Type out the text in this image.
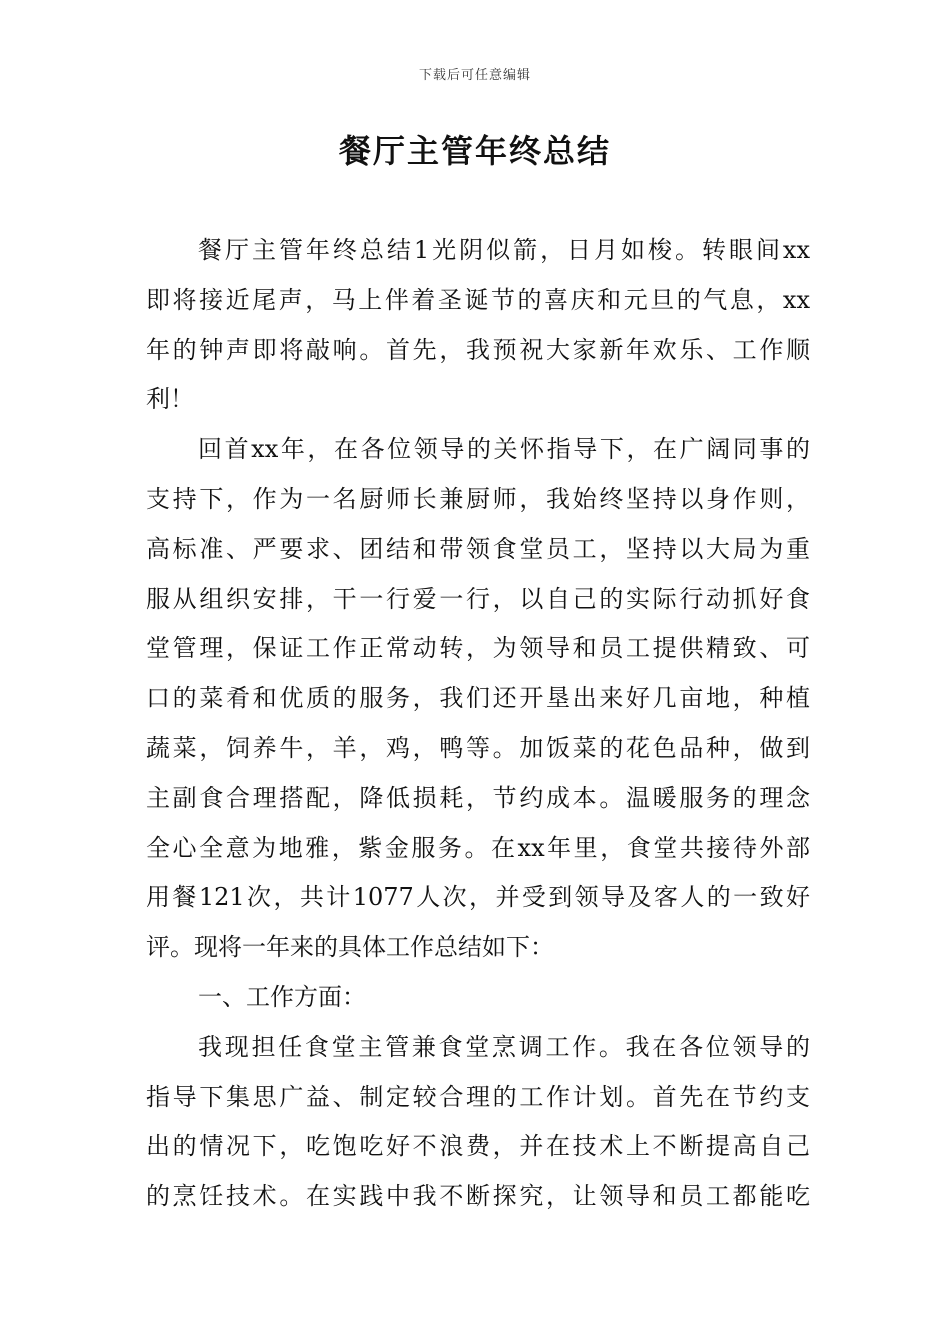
下载后可任意编辑
餐厅主管年终总结
餐厅主管年终总结1光阴似箭，日月如梭。转眼间xx
即将接近尾声，马上伴着圣诞节的喜庆和元旦的气息，xx
年的钟声即将敲响。首先，我预祝大家新年欢乐、工作顺
利！
回首xx年，在各位领导的关怀指导下，在广阔同事的
支持下，作为一名厨师长兼厨师，我始终坚持以身作则，
高标准、严要求、团结和带领食堂员工，坚持以大局为重
服从组织安排，干一行爱一行，以自己的实际行动抓好食
堂管理，保证工作正常动转，为领导和员工提供精致、可
口的菜肴和优质的服务，我们还开垦出来好几亩地，种植
蔬菜，饲养牛，羊，鸡，鸭等。加饭菜的花色品种，做到
主副食合理搭配，降低损耗，节约成本。温暖服务的理念
全心全意为地雅，紫金服务。在xx年里，食堂共接待外部
用餐121次，共计1077人次，并受到领导及客人的一致好
评。现将一年来的具体工作总结如下：
一、工作方面：
我现担任食堂主管兼食堂烹调工作。我在各位领导的
指导下集思广益、制定较合理的工作计划。首先在节约支
出的情况下，吃饱吃好不浪费，并在技术上不断提高自己
的烹饪技术。在实践中我不断探究，让领导和员工都能吃
